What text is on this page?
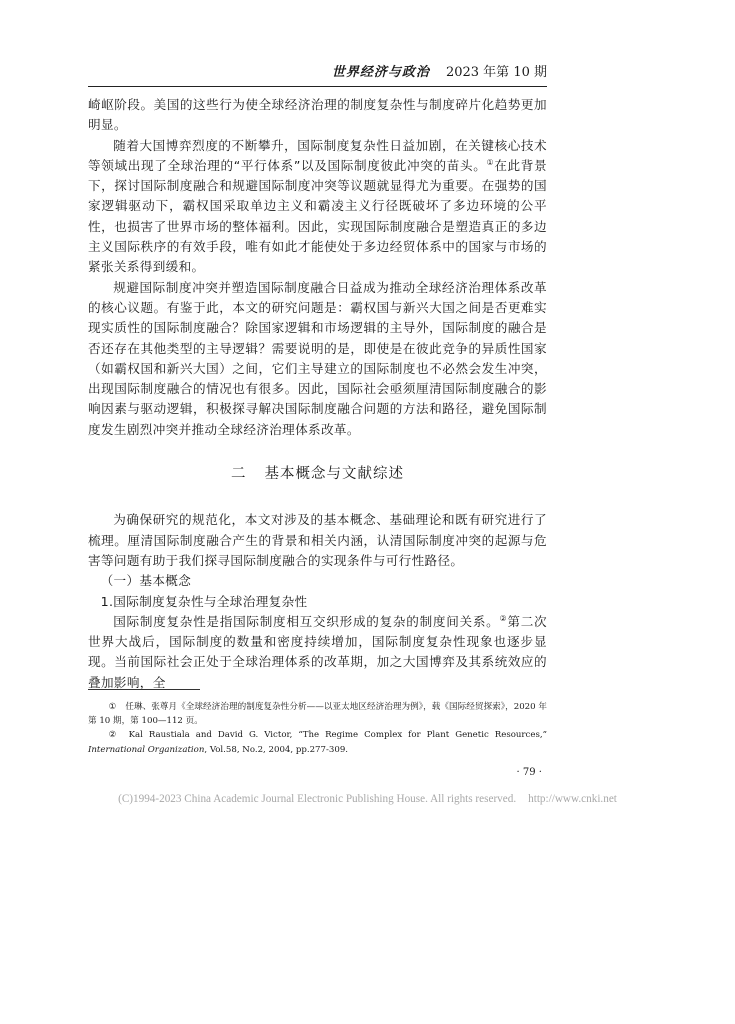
世界经济与政治 2023 年第 10 期

崎岖阶段。美国的这些行为使全球经济治理的制度复杂性与制度碎片化趋势更加明显。

随着大国博弈烈度的不断攀升，国际制度复杂性日益加剧，在关键核心技术等领域出现了全球治理的“平行体系”以及国际制度彼此冲突的苗头。①在此背景下，探讨国际制度融合和规避国际制度冲突等议题就显得尤为重要。在强势的国家逻辑驱动下，霸权国采取单边主义和霸凌主义行径既破坏了多边环境的公平性，也损害了世界市场的整体福利。因此，实现国际制度融合是塑造真正的多边主义国际秩序的有效手段，唯有如此才能使处于多边经贸体系中的国家与市场的紧张关系得到缓和。

规避国际制度冲突并塑造国际制度融合日益成为推动全球经济治理体系改革的核心议题。有鉴于此，本文的研究问题是：霸权国与新兴大国之间是否更难实现实质性的国际制度融合？除国家逻辑和市场逻辑的主导外，国际制度的融合是否还存在其他类型的主导逻辑？需要说明的是，即使是在彼此竞争的异质性国家（如霸权国和新兴大国）之间，它们主导建立的国际制度也不必然会发生冲突，出现国际制度融合的情况也有很多。因此，国际社会亟须厘清国际制度融合的影响因素与驱动逻辑，积极探寻解决国际制度融合问题的方法和路径，避免国际制度发生剧烈冲突并推动全球经济治理体系改革。

二 基本概念与文献综述

为确保研究的规范化，本文对涉及的基本概念、基础理论和既有研究进行了梳理。厘清国际制度融合产生的背景和相关内涵，认清国际制度冲突的起源与危害等问题有助于我们探寻国际制度融合的实现条件与可行性路径。

（一）基本概念

1.国际制度复杂性与全球治理复杂性

国际制度复杂性是指国际制度相互交织形成的复杂的制度间关系。②第二次世界大战后，国际制度的数量和密度持续增加，国际制度复杂性现象也逐步显现。当前国际社会正处于全球治理体系的改革期，加之大国博弈及其系统效应的叠加影响，全

① 任琳、张尊月《全球经济治理的制度复杂性分析——以亚太地区经济治理为例》，载《国际经贸探索》，2020 年第 10 期，第 100—112 页。

② Kal Raustiala and David G. Victor, “The Regime Complex for Plant Genetic Resources,” International Organization, Vol.58, No.2, 2004, pp.277-309.

· 79 ·
(C)1994-2023 China Academic Journal Electronic Publishing House. All rights reserved. http://www.cnki.net
